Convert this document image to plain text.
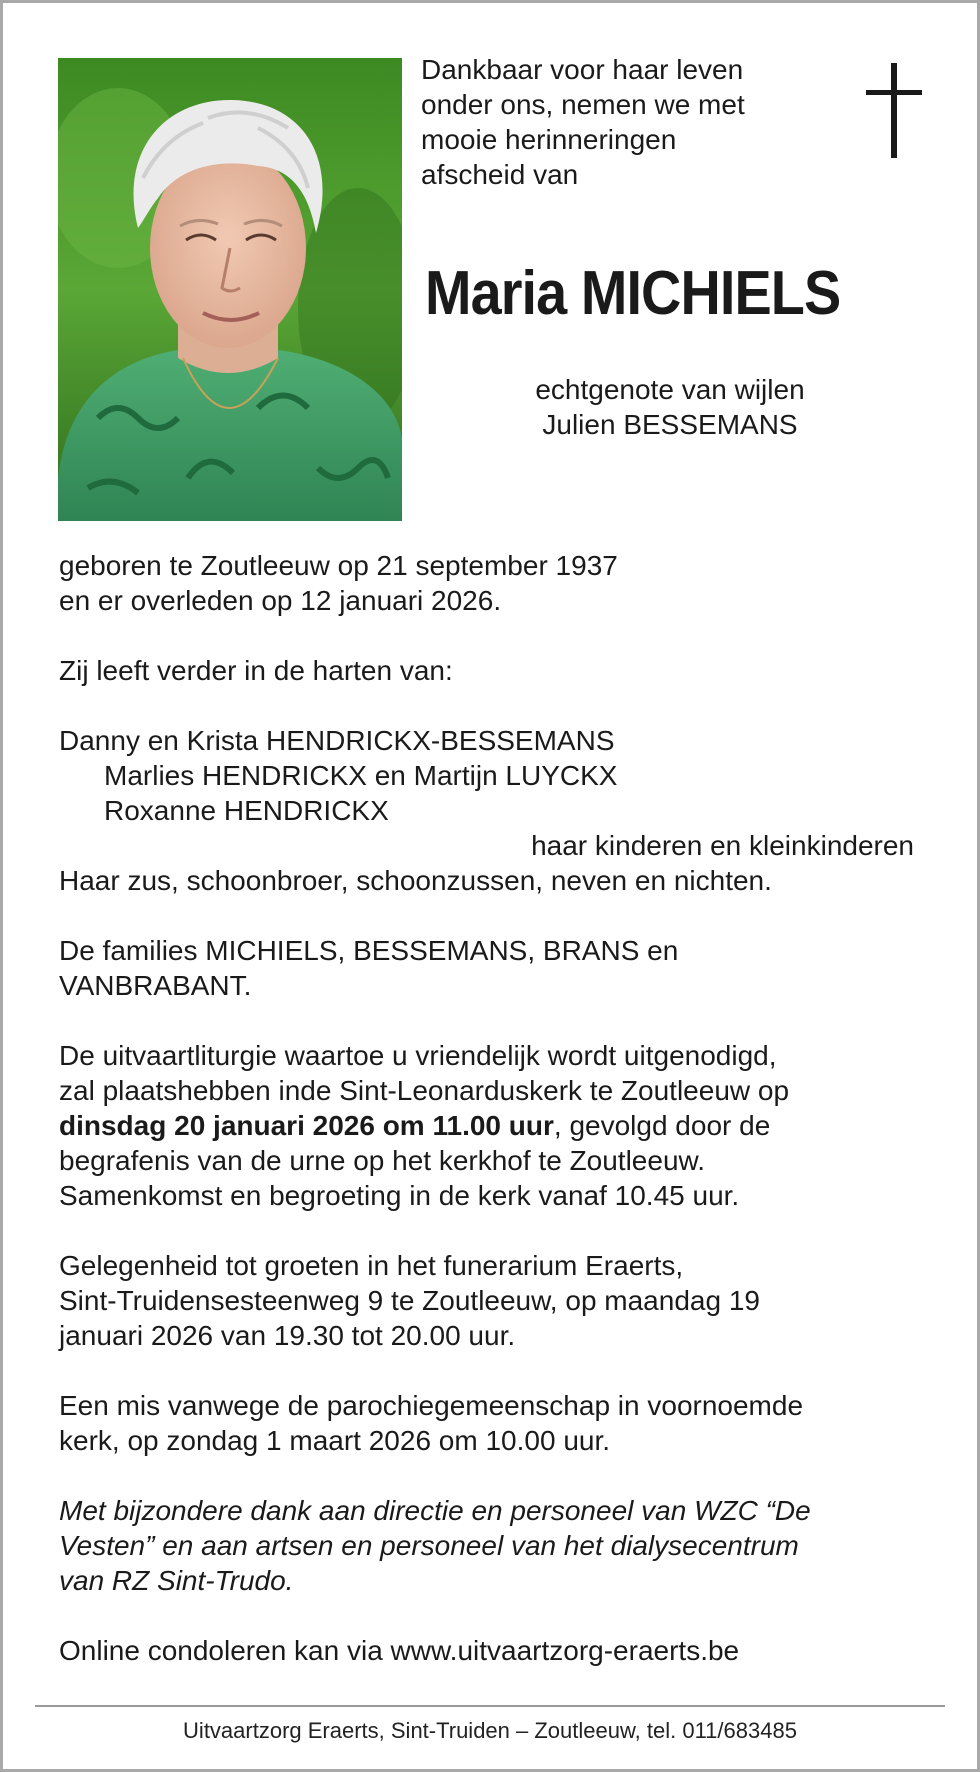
Dankbaar voor haar leven
onder ons, nemen we met
mooie herinneringen
afscheid van
Maria MICHIELS
echtgenote van wijlen
Julien BESSEMANS

geboren te Zoutleeuw op 21 september 1937
en er overleden op 12 januari 2026.

Zij leeft verder in de harten van:

Danny en Krista HENDRICKX-BESSEMANS
Marlies HENDRICKX en Martijn LUYCKX
Roxanne HENDRICKX
haar kinderen en kleinkinderen
Haar zus, schoonbroer, schoonzussen, neven en nichten.

De families MICHIELS, BESSEMANS, BRANS en
VANBRABANT.

De uitvaartliturgie waartoe u vriendelijk wordt uitgenodigd,
zal plaatshebben inde Sint-Leonarduskerk te Zoutleeuw op
dinsdag 20 januari 2026 om 11.00 uur, gevolgd door de
begrafenis van de urne op het kerkhof te Zoutleeuw.
Samenkomst en begroeting in de kerk vanaf 10.45 uur.

Gelegenheid tot groeten in het funerarium Eraerts,
Sint-Truidensesteenweg 9 te Zoutleeuw, op maandag 19
januari 2026 van 19.30 tot 20.00 uur.

Een mis vanwege de parochiegemeenschap in voornoemde
kerk, op zondag 1 maart 2026 om 10.00 uur.

Met bijzondere dank aan directie en personeel van WZC “De
Vesten” en aan artsen en personeel van het dialysecentrum
van RZ Sint-Trudo.

Online condoleren kan via www.uitvaartzorg-eraerts.be

Uitvaartzorg Eraerts, Sint-Truiden – Zoutleeuw, tel. 011/683485
